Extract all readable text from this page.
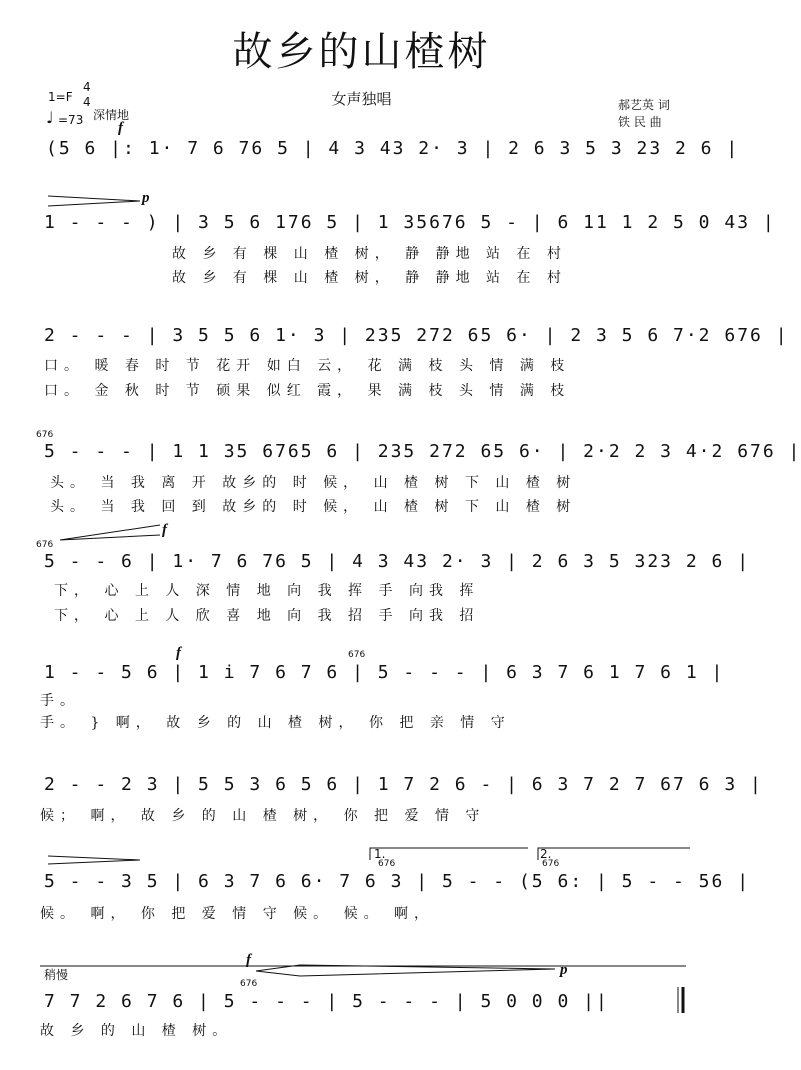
故乡的山楂树
女声独唱
1=F
4
4
♩ =73 深情地
郝艺英 词
铁 民 曲
f
(5 6 |: 1· 7 6 76 5 | 4 3 43 2· 3 | 2 6 3 5 3 23 2 6 |
p
1 - - - ) | 3 5 6 176 5 | 1 35676 5 - | 6 11 1 2 5 0 43 |
故 乡 有 棵 山 楂 树， 静 静地 站 在 村
故 乡 有 棵 山 楂 树， 静 静地 站 在 村
2 - - - | 3 5 5 6 1· 3 | 235 272 65 6· | 2 3 5 6 7·2 676 |
口。 暖 春 时 节 花开 如白 云， 花 满 枝 头 情 满 枝
口。 金 秋 时 节 硕果 似红 霞， 果 满 枝 头 情 满 枝
676
5 - - - | 1 1 35 6765 6 | 235 272 65 6· | 2·2 2 3 4·2 676 |
头。 当 我 离 开 故乡的 时 候， 山 楂 树 下 山 楂 树
头。 当 我 回 到 故乡的 时 候， 山 楂 树 下 山 楂 树
f
676
5 - - 6 | 1· 7 6 76 5 | 4 3 43 2· 3 | 2 6 3 5 323 2 6 |
下， 心 上 人 深 情 地 向 我 挥 手 向我 挥
下， 心 上 人 欣 喜 地 向 我 招 手 向我 招
f	676
1 - - 5 6 | 1 i 7 6 7 6 | 5 - - - | 6 3 7 6 1 7 6 1 |
手。
手。 } 啊， 故 乡 的 山 楂 树， 你 把 亲 情 守
2 - - 2 3 | 5 5 3 6 5 6 | 1 7 2 6 - | 6 3 7 2 7 67 6 3 |
候； 啊， 故 乡 的 山 楂 树， 你 把 爱 情 守
1.	2.
676	676
5 - - 3 5 | 6 3 7 6 6· 7 6 3 | 5 - - (5 6: | 5 - - 56 |
候。 啊， 你 把 爱 情 守 候。 候。 啊，
稍慢
f
p
676
7 7 2 6 7 6 | 5 - - - | 5 - - - | 5 0 0 0 ||
故 乡 的 山 楂 树。
